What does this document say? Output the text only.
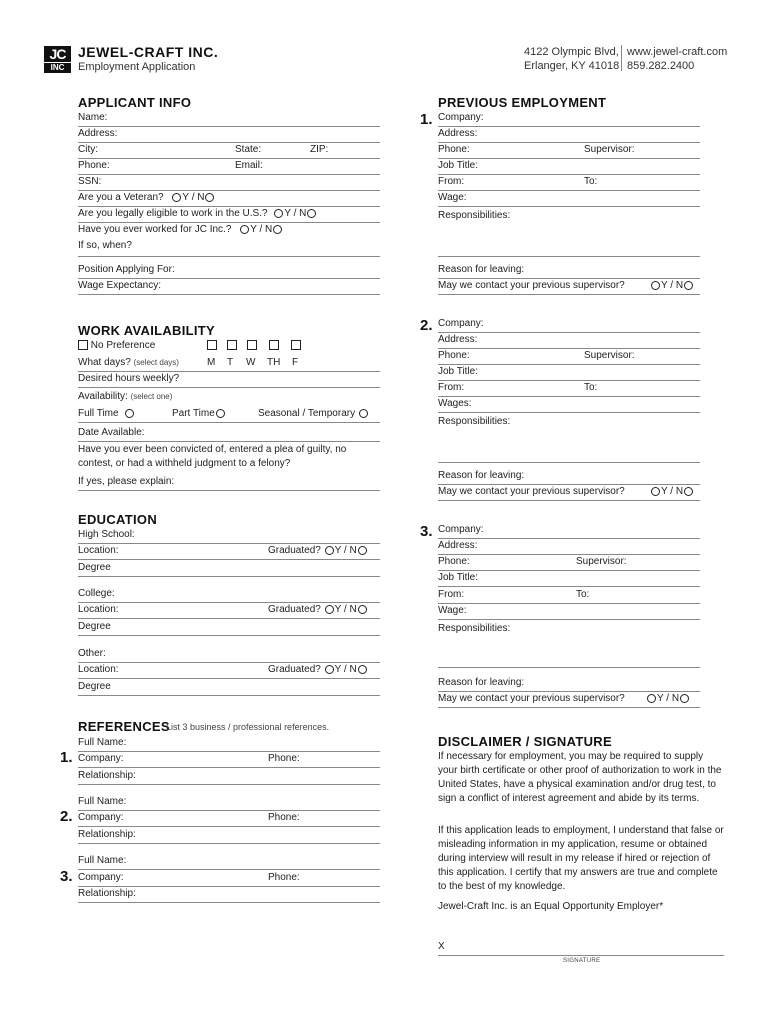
JC
INC
JEWEL-CRAFT INC.
Employment Application
4122 Olympic Blvd,
Erlanger, KY 41018
www.jewel-craft.com
859.282.2400
APPLICANT INFO
Name:
Address:
City:	State:	ZIP:
Phone:	Email:
SSN:
Are you a Veteran? Y / N
Are you legally eligible to work in the U.S.? Y / N
Have you ever worked for JC Inc.? Y / N
If so, when?
Position Applying For:
Wage Expectancy:
WORK AVAILABILITY
No Preference
What days? (select days)	M T W TH F
Desired hours weekly?
Availability: (select one)
Full Time	Part Time	Seasonal / Temporary
Date Available:
Have you ever been convicted of, entered a plea of guilty, no contest, or had a withheld judgment to a felony?
If yes, please explain:
EDUCATION
High School:
Location:	Graduated? Y / N
Degree
College:
Location:	Graduated? Y / N
Degree
Other:
Location:	Graduated? Y / N
Degree
REFERENCES
List 3 business / professional references.
Full Name:
1. Company:	Phone:
Relationship:
Full Name:
2. Company:	Phone:
Relationship:
Full Name:
3. Company:	Phone:
Relationship:
PREVIOUS EMPLOYMENT
1. Company:
Address:
Phone:	Supervisor:
Job Title:
From:	To:
Wage:
Responsibilities:
Reason for leaving:
May we contact your previous supervisor?	Y / N
2. Company:
Address:
Phone:	Supervisor:
Job Title:
From:	To:
Wages:
Responsibilities:
Reason for leaving:
May we contact your previous supervisor?	Y / N
3. Company:
Address:
Phone:	Supervisor:
Job Title:
From:	To:
Wage:
Responsibilities:
Reason for leaving:
May we contact your previous supervisor?	Y / N
DISCLAIMER / SIGNATURE
If necessary for employment, you may be required to supply your birth certificate or other proof of authorization to work in the United States, have a physical examination and/or drug test, to sign a conflict of interest agreement and abide by its terms.
If this application leads to employment, I understand that false or misleading information in my application, resume or obtained during interview will result in my release if hired or rejection of this application. I certify that my answers are true and complete to the best of my knowledge.
Jewel-Craft Inc. is an Equal Opportunity Employer*
X
SIGNATURE
